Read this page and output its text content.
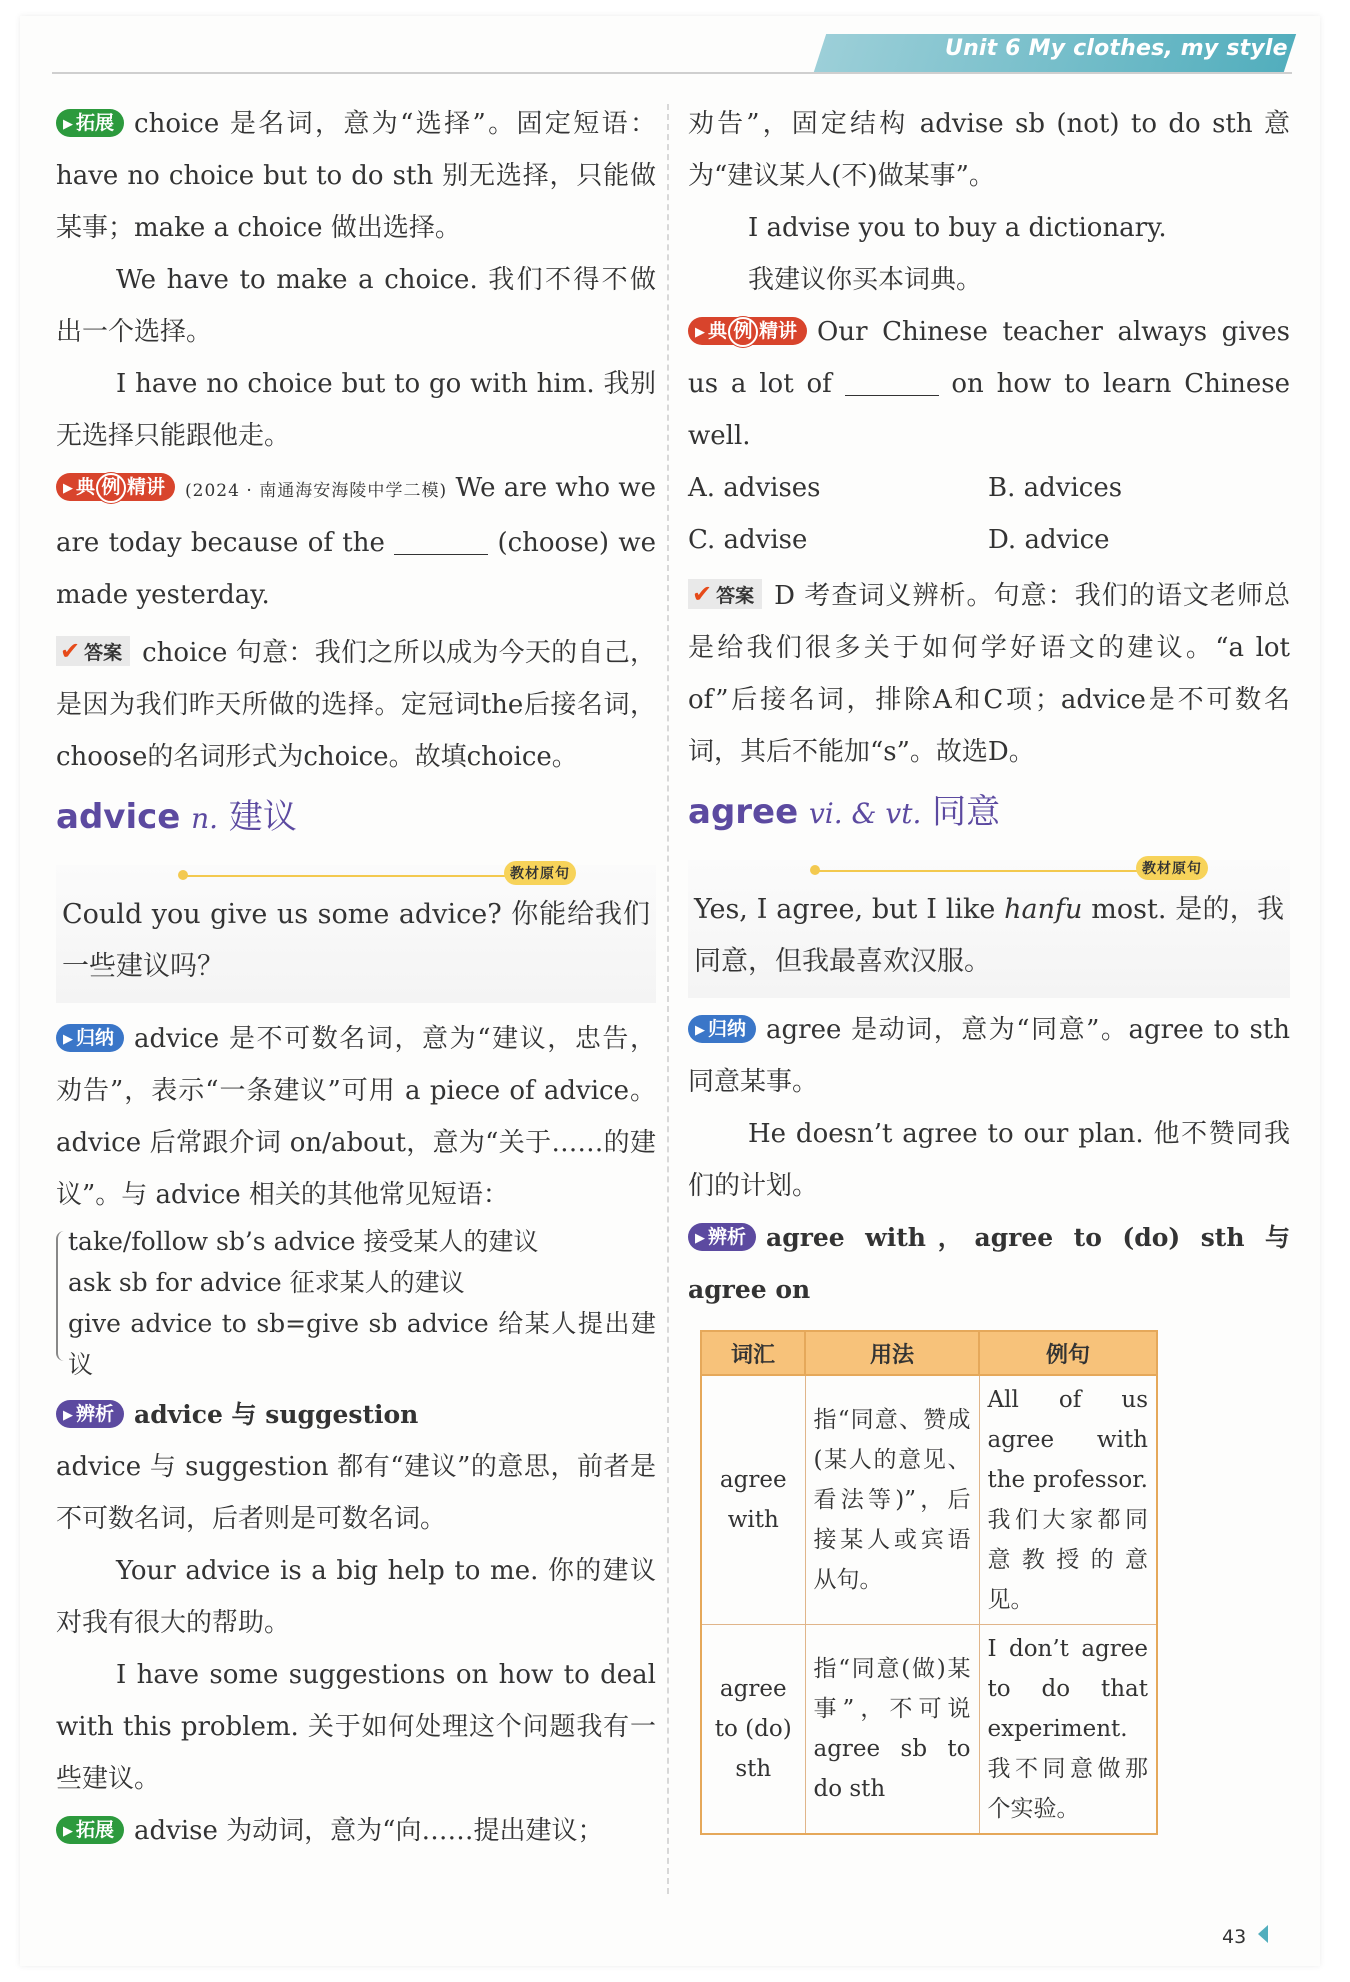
Unit 6 My clothes, my style

▶ 拓展 choice 是名词，意为“选择”。固定短语：have no choice but to do sth 别无选择，只能做某事；make a choice 做出选择。

We have to make a choice. 我们不得不做出一个选择。

I have no choice but to go with him. 我别无选择只能跟他走。

▶ 典 例 精讲 (2024 · 南通海安海陵中学二模) We are who we are today because of the	(choose) we made yesterday.

✔ 答案 choice 句意：我们之所以成为今天的自己，是因为我们昨天所做的选择。定冠词the后接名词，choose的名词形式为choice。故填choice。

advice n. 建议
教材原句

Could you give us some advice? 你能给我们一些建议吗？

▶ 归纳 advice 是不可数名词，意为“建议，忠告，劝告”，表示“一条建议”可用 a piece of advice。advice 后常跟介词 on/about，意为“关于……的建议”。与 advice 相关的其他常见短语：

take/follow sb’s advice 接受某人的建议

ask sb for advice 征求某人的建议

give advice to sb=give sb advice 给某人提出建议

▶ 辨析 advice 与 suggestion

advice 与 suggestion 都有“建议”的意思，前者是不可数名词，后者则是可数名词。

Your advice is a big help to me. 你的建议对我有很大的帮助。

I have some suggestions on how to deal with this problem. 关于如何处理这个问题我有一些建议。

▶ 拓展 advise 为动词，意为“向……提出建议；

劝告”，固定结构 advise sb (not) to do sth 意为“建议某人(不)做某事”。

I advise you to buy a dictionary.

我建议你买本词典。

▶ 典 例 精讲 Our Chinese teacher always gives us a lot of	on how to learn Chinese well.

A. advises	B. advices

C. advise	D. advice

✔ 答案 D 考查词义辨析。句意：我们的语文老师总是给我们很多关于如何学好语文的建议。“a lot of”后接名词，排除A和C项；advice是不可数名词，其后不能加“s”。故选D。

agree vi. & vt. 同意
教材原句

Yes, I agree, but I like hanfu most. 是的，我同意，但我最喜欢汉服。

▶ 归纳 agree 是动词，意为“同意”。agree to sth 同意某事。

He doesn’t agree to our plan. 他不赞同我们的计划。

▶ 辨析 agree with，agree to (do) sth 与 agree on

词汇	用法	例句
agree with	指“同意、赞成(某人的意见、看法等)”，后接某人或宾语从句。	All of us agree with the professor. 我们大家都同意教授的意见。
agree to (do) sth	指“同意(做)某事”，不可说 agree sb to do sth	I don’t agree to do that experiment. 我不同意做那个实验。
43
